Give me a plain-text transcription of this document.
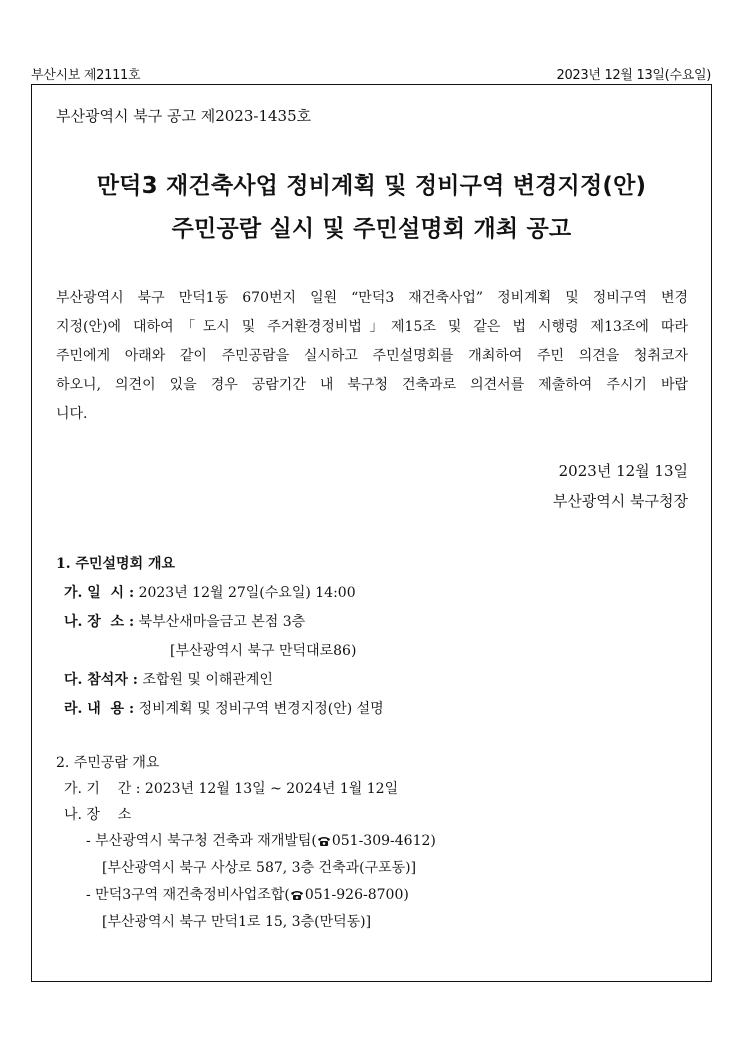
부산시보 제2111호	2023년 12월 13일(수요일)
부산광역시 북구 공고 제2023-1435호
만덕3 재건축사업 정비계획 및 정비구역 변경지정(안)
주민공람 실시 및 주민설명회 개최 공고
부산광역시 북구 만덕1동 670번지 일원 “만덕3 재건축사업” 정비계획 및 정비구역 변경
지정(안)에 대하여「도시 및 주거환경정비법」제15조 및 같은 법 시행령 제13조에 따라
주민에게 아래와 같이 주민공람을 실시하고 주민설명회를 개최하여 주민 의견을 청취코자
하오니, 의견이 있을 경우 공람기간 내 북구청 건축과로 의견서를 제출하여 주시기 바랍
니다.
2023년 12월 13일
부산광역시 북구청장
1. 주민설명회 개요
가. 일  시 : 2023년 12월 27일(수요일) 14:00
나. 장  소 : 북부산새마을금고 본점 3층
[부산광역시 북구 만덕대로86)
다. 참석자 : 조합원 및 이해관계인
라. 내  용 : 정비계획 및 정비구역 변경지정(안) 설명
2. 주민공람 개요
가. 기    간 : 2023년 12월 13일 ~ 2024년 1월 12일
나. 장    소
- 부산광역시 북구청 건축과 재개발팀( 051-309-4612)
[부산광역시 북구 사상로 587, 3층 건축과(구포동)]
- 만덕3구역 재건축정비사업조합( 051-926-8700)
[부산광역시 북구 만덕1로 15, 3층(만덕동)]
